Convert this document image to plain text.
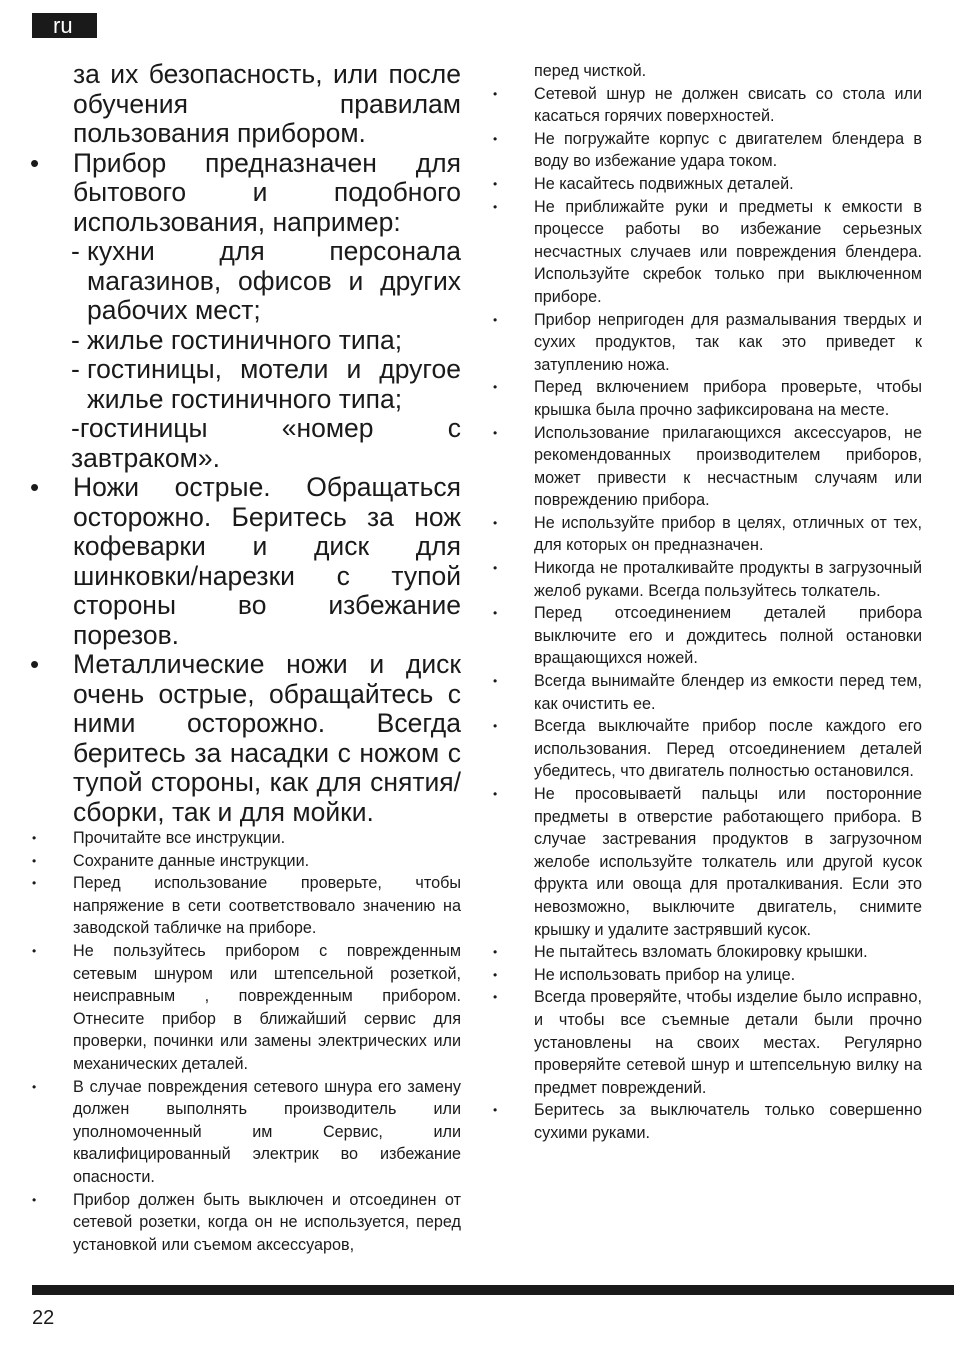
ru

за их безопасность, или после обучения правилам пользования прибором.

•	Прибор предназначен для бытового и подобного использования, например:
- кухни для персонала магазинов, офисов и других рабочих мест;
- жилье гостиничного типа;
- гостиницы, мотели и другое жилье гостиничного типа;

-гостиницы «номер с завтраком».

•	Ножи острые. Обращаться осторожно. Беритесь за нож кофеварки и диск для шинковки/нарезки с тупой стороны во избежание порезов.
•	Металлические ножи и диск очень острые, обращайтесь с ними осторожно. Всегда беритесь за насадки с ножом с тупой стороны, как для снятия/сборки, так и для мойки.
•	Прочитайте все инструкции.
•	Сохраните данные инструкции.
•	Перед использование проверьте, чтобы напряжение в сети соответствовало значению на заводской табличке на приборе.
•	Не пользуйтесь прибором с поврежденным сетевым шнуром или штепсельной розеткой, неисправным , поврежденным прибором. Отнесите прибор в ближайший сервис для проверки, починки или замены электрических или механических деталей.
•	В случае повреждения сетевого шнура его замену должен выполнять производитель или уполномоченный им Сервис, или квалифицированный электрик во избежание опасности.
•	Прибор должен быть выключен и отсоединен от сетевой розетки, когда он не используется, перед установкой или съемом аксессуаров,

перед чисткой.

•	Сетевой шнур не должен свисать со стола или касаться горячих поверхностей.
•	Не погружайте корпус с двигателем блендера в воду во избежание удара током.
•	Не касайтесь подвижных деталей.
•	Не приближайте руки и предметы к емкости в процессе работы во избежание серьезных несчастных случаев или повреждения блендера. Используйте скребок только при выключенном приборе.
•	Прибор непригоден для размалывания твердых и сухих продуктов, так как это приведет к затуплению ножа.
•	Перед включением прибора проверьте, чтобы крышка была прочно зафиксирована на месте.
•	Использование прилагающихся аксессуаров, не рекомендованных производителем приборов, может привести к несчастным случаям или повреждению прибора.
•	Не используйте прибор в целях, отличных от тех, для которых он предназначен.
•	Никогда не проталкивайте продукты в загрузочный желоб руками. Всегда пользуйтесь толкатель.
•	Перед отсоединением деталей прибора выключите его и дождитесь полной остановки вращающихся ножей.
•	Всегда вынимайте блендер из емкости перед тем, как очистить ее.
•	Всегда выключайте прибор после каждого его использования. Перед отсоединением деталей убедитесь, что двигатель полностью остановился.
•	Не просовываетй пальцы или посторонние предметы в отверстие работающего прибора. В случае застревания продуктов в загрузочном желобе используйте толкатель или другой кусок фрукта или овоща для проталкивания. Если это невозможно, выключите двигатель, снимите крышку и удалите застрявший кусок.
•	Не пытайтесь взломать блокировку крышки.
•	Не использовать прибор на улице.
•	Всегда проверяйте, чтобы изделие было исправно, и чтобы все съемные детали были прочно установлены на своих местах. Регулярно проверяйте сетевой шнур и штепсельную вилку на предмет повреждений.
•	Беритесь за выключатель только совершенно сухими руками.
22
